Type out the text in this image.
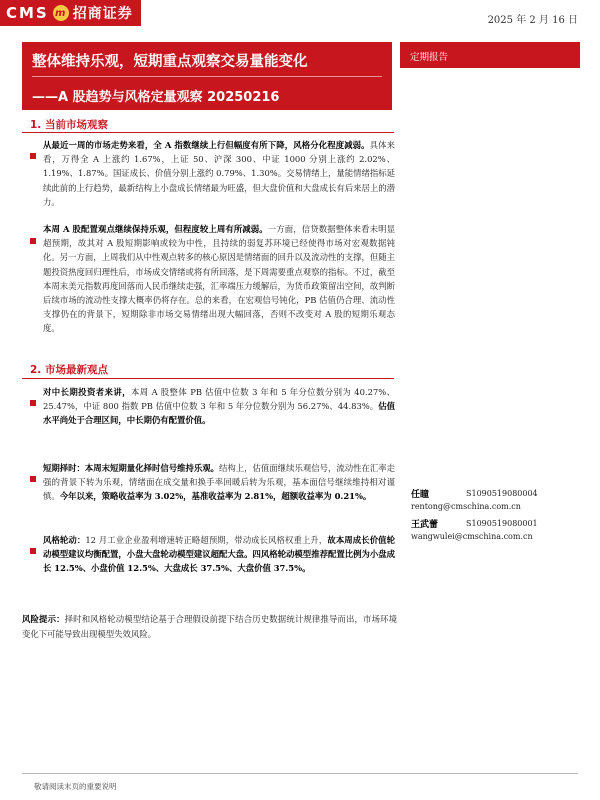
CMS m 招商证券	2025 年 2 月 16 日
整体维持乐观，短期重点观察交易量能变化
——A 股趋势与风格定量观察 20250216
定期报告
1. 当前市场观察
从最近一周的市场走势来看，全 A 指数继续上行但幅度有所下降，风格分化程度减弱。具体来看，万得全 A 上涨约 1.67%，上证 50、沪深 300、中证 1000 分别上涨约 2.02%、1.19%、1.87%。国证成长、价值分别上涨约 0.79%、1.30%。交易情绪上，量能情绪指标延续此前的上行趋势，最新结构上小盘成长情绪最为旺盛，但大盘价值和大盘成长有后来居上的潜力。
本周 A 股配置观点继续保持乐观，但程度较上周有所减弱。一方面，信贷数据整体来看未明显超预期，故其对 A 股短期影响或较为中性，且持续的弱复苏环境已经使得市场对宏观数据钝化。另一方面，上周我们从中性观点转多的核心原因是情绪面的回升以及流动性的支撑，但随主题投资热度回归理性后，市场成交情绪或将有所回落，是下周需要重点观察的指标。不过，截至本周末美元指数再度回落而人民币继续走强，汇率端压力缓解后，为货币政策留出空间，故判断后续市场的流动性支撑大概率仍将存在。总的来看，在宏观信号钝化，PB 估值仍合理、流动性支撑仍在的背景下，短期除非市场交易情绪出现大幅回落，否则不改变对 A 股的短期乐观态度。
2. 市场最新观点
对中长期投资者来讲，本周 A 股整体 PB 估值中位数 3 年和 5 年分位数分别为 40.27%、25.47%，中证 800 指数 PB 估值中位数 3 年和 5 年分位数分别为 56.27%、44.83%。估值水平尚处于合理区间，中长期仍有配置价值。
短期择时：本周末短期量化择时信号维持乐观。结构上，估值面继续乐观信号，流动性在汇率走强的背景下转为乐观，情绪面在成交量和换手率回暖后转为乐观，基本面信号继续维持相对谨慎。今年以来，策略收益率为 3.02%，基准收益率为 2.81%，超额收益率为 0.21%。
风格轮动：12 月工业企业盈利增速转正略超预期，带动成长风格权重上升，故本周成长价值轮动模型建议均衡配置，小盘大盘轮动模型建议超配大盘。四风格轮动模型推荐配置比例为小盘成长 12.5%、小盘价值 12.5%、大盘成长 37.5%、大盘价值 37.5%。
风险提示：择时和风格轮动模型结论基于合理假设前提下结合历史数据统计规律推导而出，市场环境变化下可能导致出现模型失效风险。
任瞳	S1090519080004
rentong@cmschina.com.cn
王武蕾	S1090519080001
wangwulei@cmschina.com.cn
敬请阅读末页的重要说明
